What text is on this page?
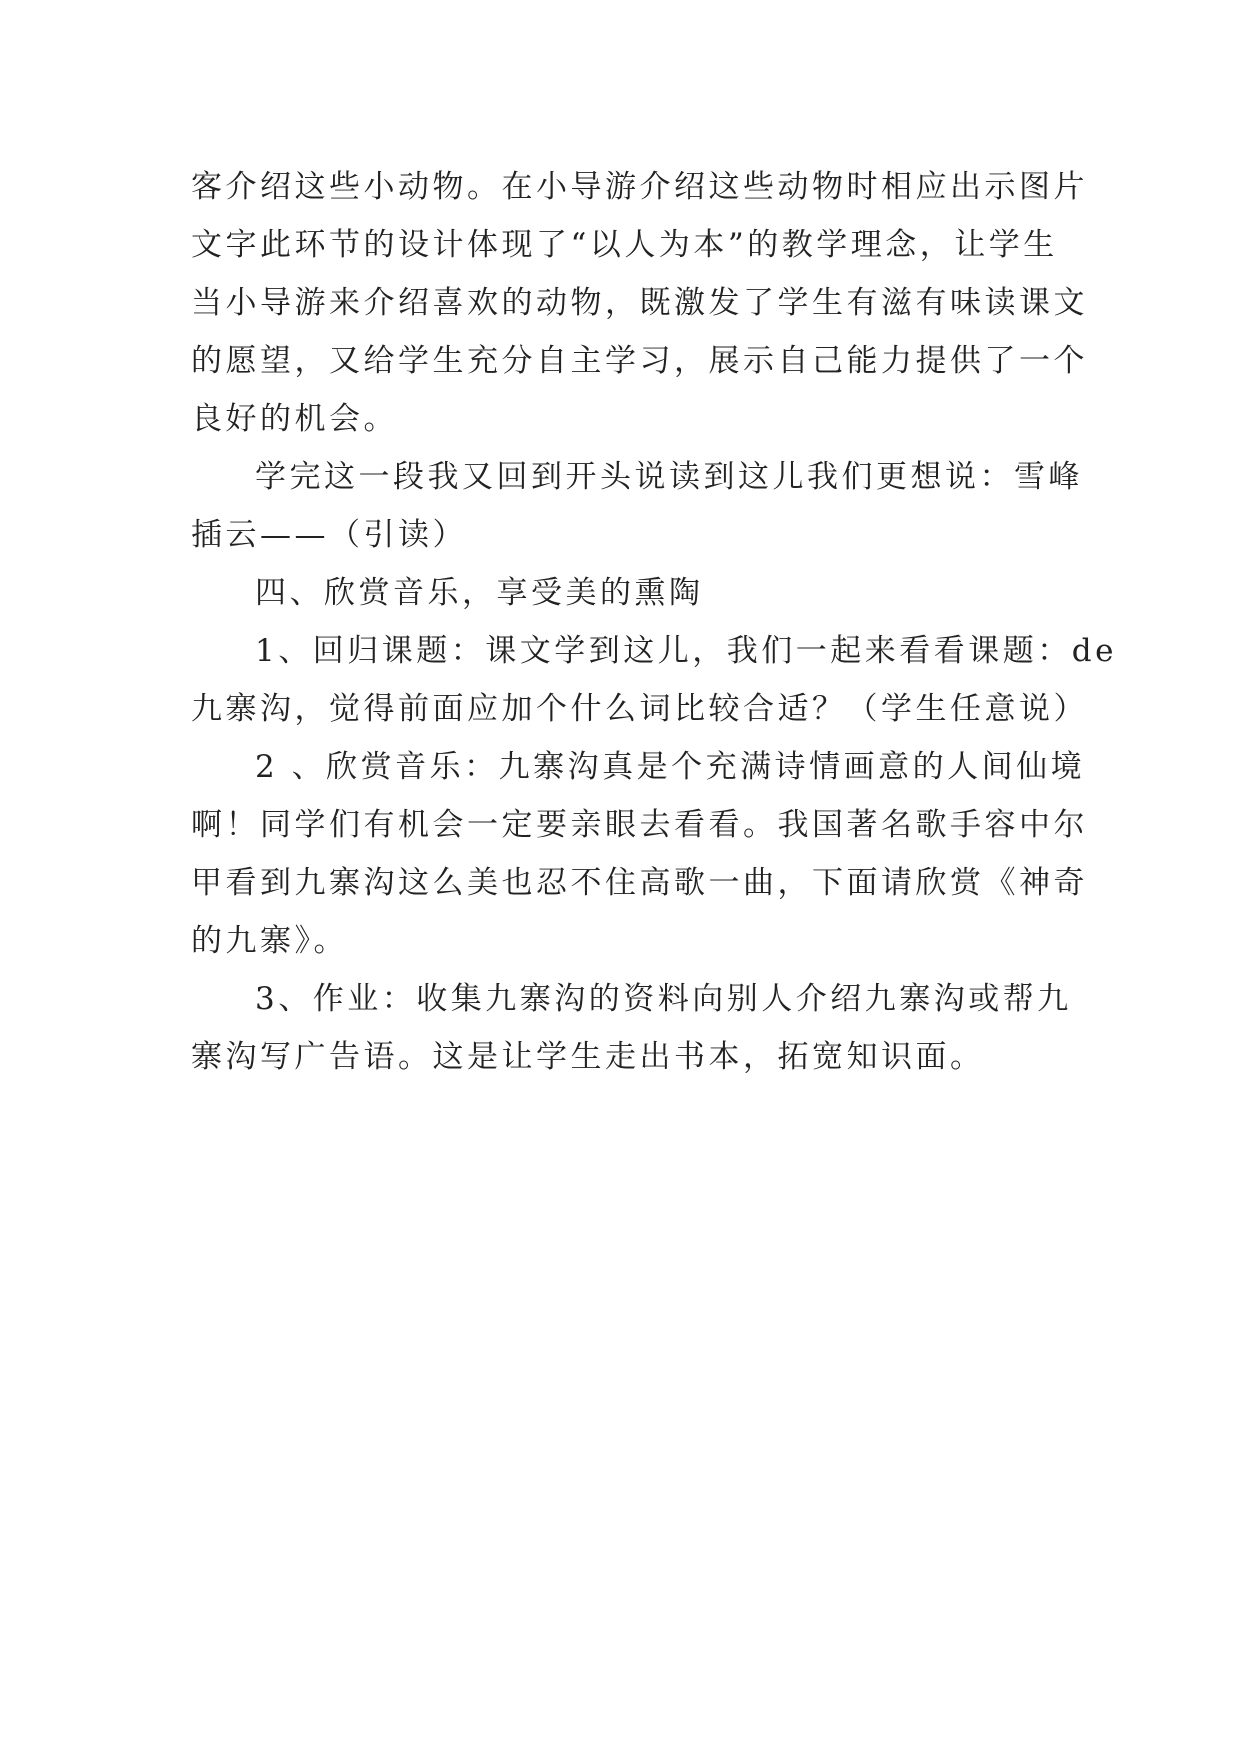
客介绍这些小动物。在小导游介绍这些动物时相应出示图片
文字此环节的设计体现了“以人为本”的教学理念，让学生
当小导游来介绍喜欢的动物，既激发了学生有滋有味读课文
的愿望，又给学生充分自主学习，展示自己能力提供了一个
良好的机会。
学完这一段我又回到开头说读到这儿我们更想说：雪峰
插云——（引读）
四、欣赏音乐，享受美的熏陶
1、回归课题：课文学到这儿，我们一起来看看课题：de
九寨沟，觉得前面应加个什么词比较合适？（学生任意说）
2 、欣赏音乐：九寨沟真是个充满诗情画意的人间仙境
啊！同学们有机会一定要亲眼去看看。我国著名歌手容中尔
甲看到九寨沟这么美也忍不住高歌一曲，下面请欣赏《神奇
的九寨》。
3、作业：收集九寨沟的资料向别人介绍九寨沟或帮九
寨沟写广告语。这是让学生走出书本，拓宽知识面。
